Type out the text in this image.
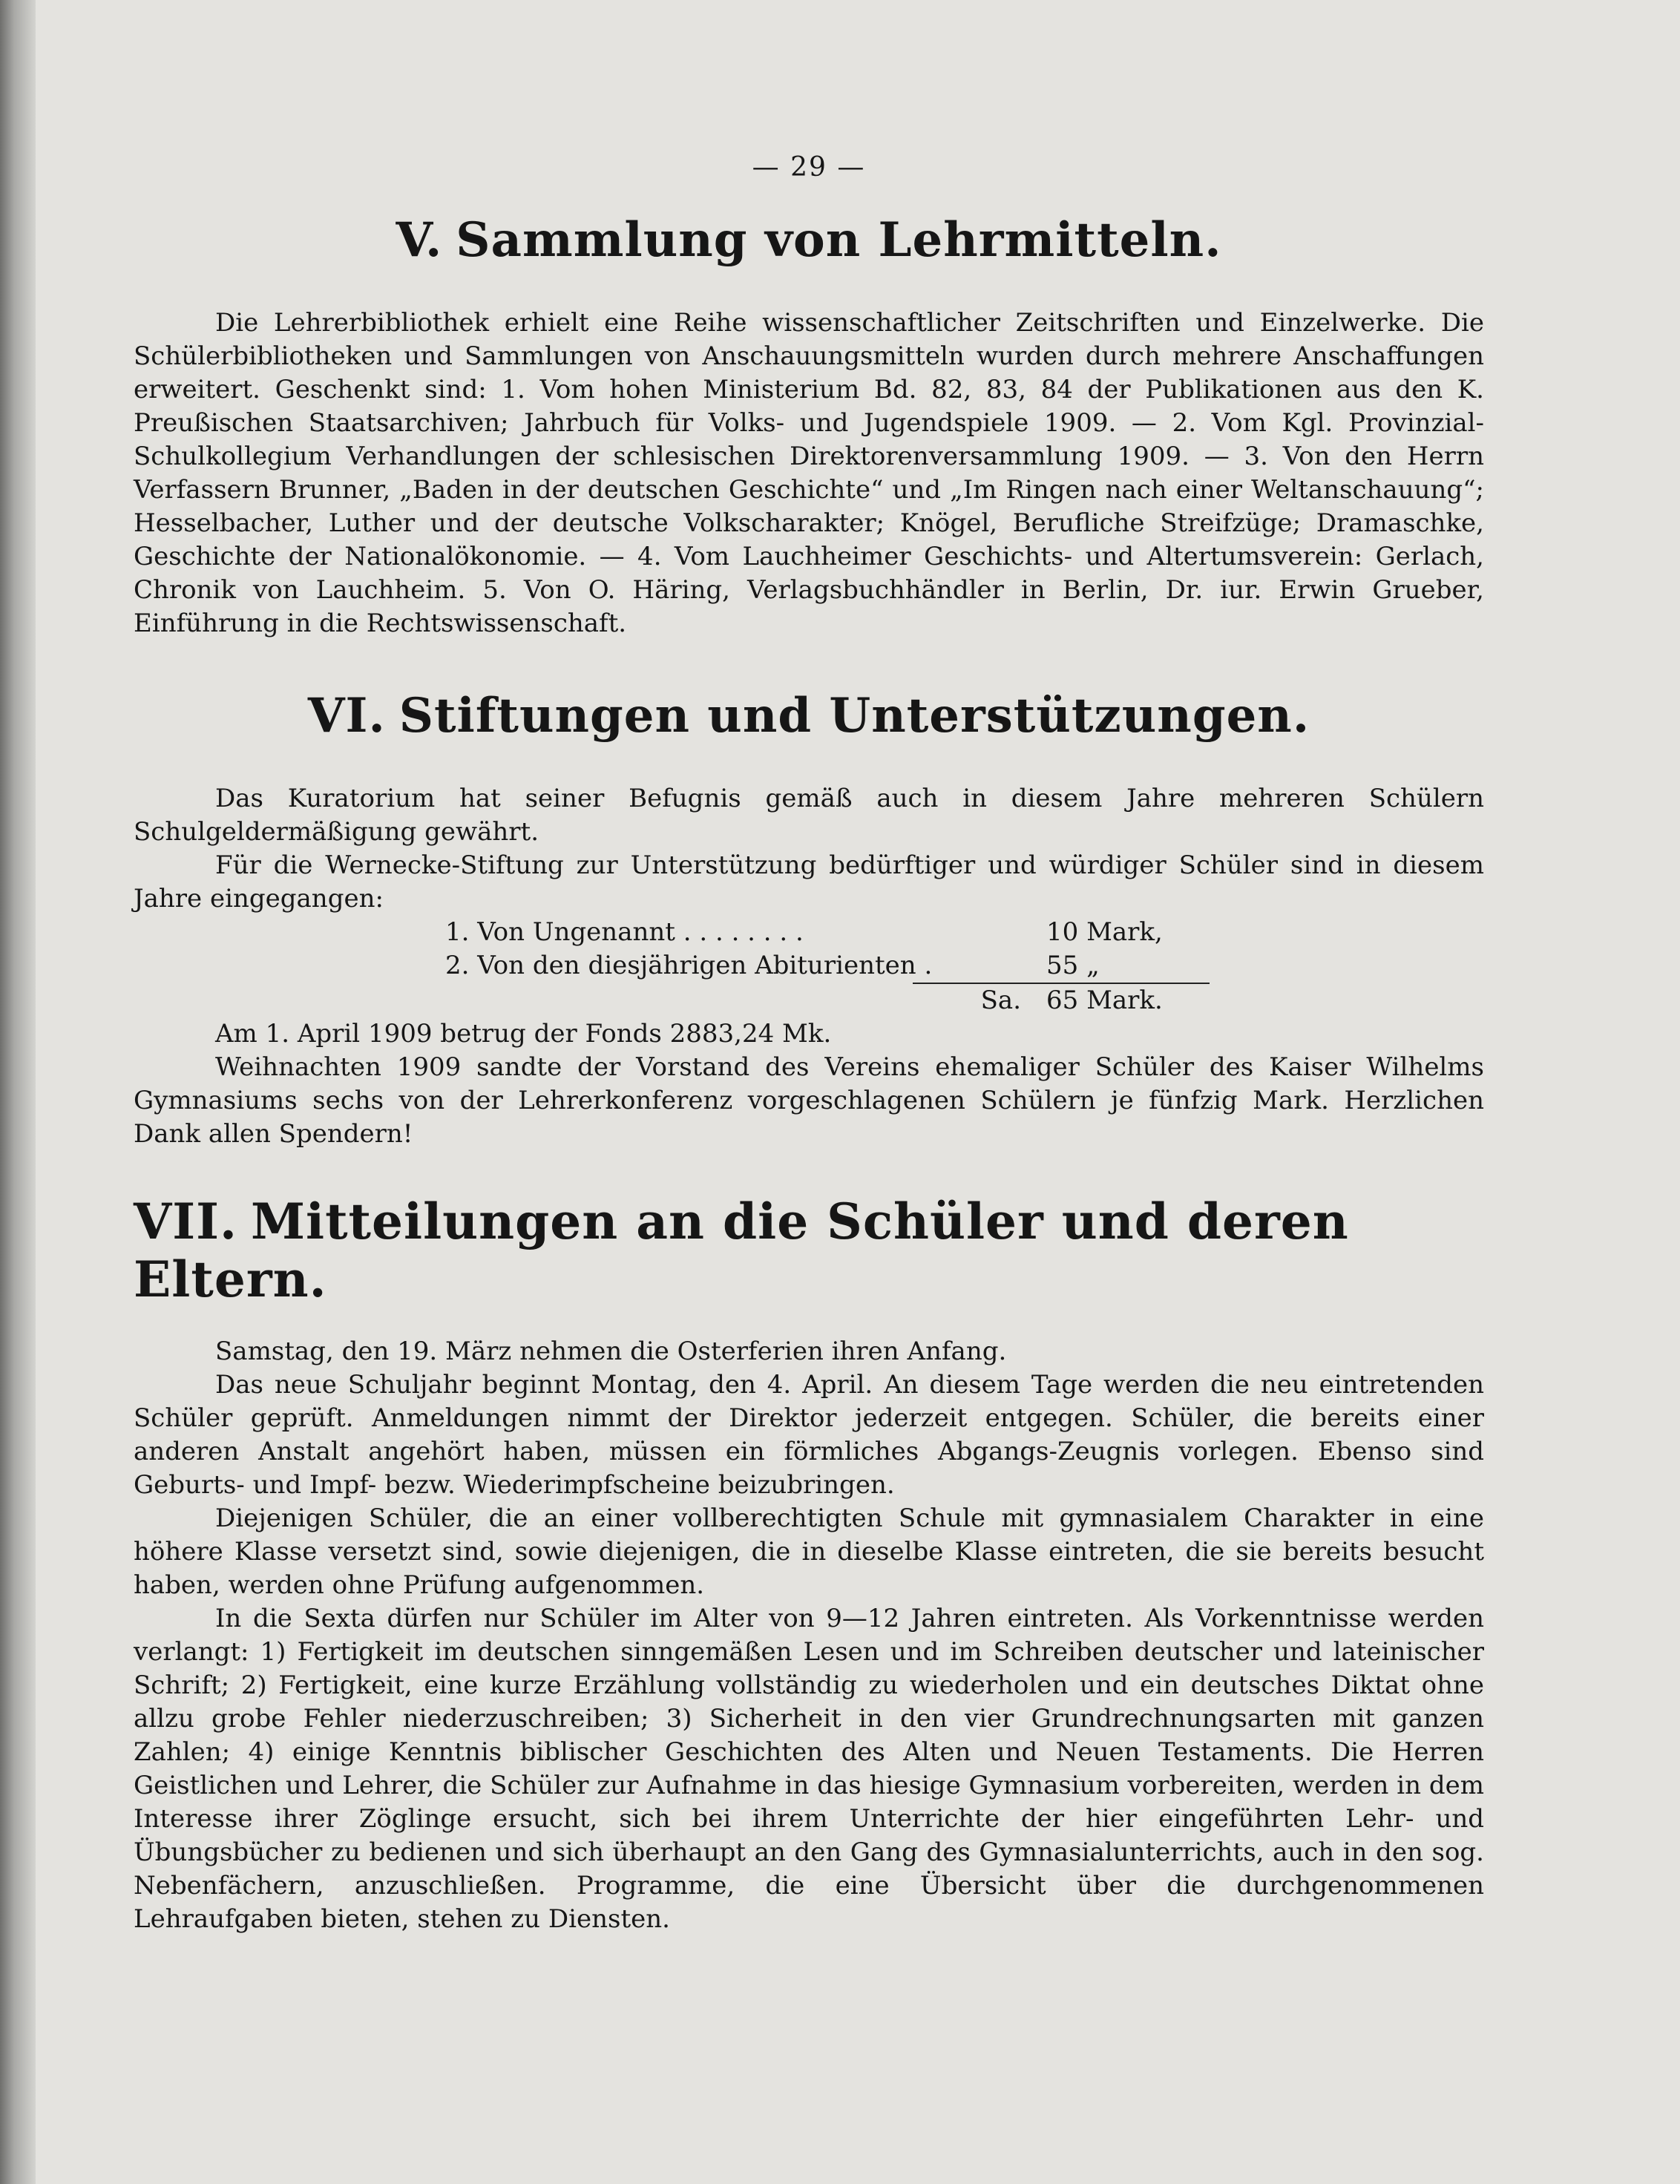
— 29 —
V. Sammlung von Lehrmitteln.

Die Lehrerbibliothek erhielt eine Reihe wissenschaftlicher Zeitschriften und Einzelwerke. Die Schülerbibliotheken und Sammlungen von Anschauungsmitteln wurden durch mehrere Anschaffungen erweitert. Geschenkt sind: 1. Vom hohen Ministerium Bd. 82, 83, 84 der Publikationen aus den K. Preußischen Staatsarchiven; Jahrbuch für Volks- und Jugendspiele 1909. — 2. Vom Kgl. Provinzial-Schulkollegium Verhandlungen der schlesischen Direktorenversammlung 1909. — 3. Von den Herrn Verfassern Brunner, „Baden in der deutschen Geschichte“ und „Im Ringen nach einer Weltanschauung“; Hesselbacher, Luther und der deutsche Volkscharakter; Knögel, Berufliche Streifzüge; Dramaschke, Geschichte der Nationalökonomie. — 4. Vom Lauchheimer Geschichts- und Altertumsverein: Gerlach, Chronik von Lauchheim. 5. Von O. Häring, Verlagsbuchhändler in Berlin, Dr. iur. Erwin Grueber, Einführung in die Rechtswissenschaft.

VI. Stiftungen und Unterstützungen.

Das Kuratorium hat seiner Befugnis gemäß auch in diesem Jahre mehreren Schülern Schulgeldermäßigung gewährt.

Für die Wernecke-Stiftung zur Unterstützung bedürftiger und würdiger Schüler sind in diesem Jahre eingegangen:

1. Von Ungenannt . . . . . . . .	10 Mark,
2. Von den diesjährigen Abiturienten .	55 „
Sa. 65 Mark.

Am 1. April 1909 betrug der Fonds 2883,24 Mk.

Weihnachten 1909 sandte der Vorstand des Vereins ehemaliger Schüler des Kaiser Wilhelms Gymnasiums sechs von der Lehrerkonferenz vorgeschlagenen Schülern je fünfzig Mark. Herzlichen Dank allen Spendern!

VII. Mitteilungen an die Schüler und deren Eltern.

Samstag, den 19. März nehmen die Osterferien ihren Anfang.

Das neue Schuljahr beginnt Montag, den 4. April. An diesem Tage werden die neu eintretenden Schüler geprüft. Anmeldungen nimmt der Direktor jederzeit entgegen. Schüler, die bereits einer anderen Anstalt angehört haben, müssen ein förmliches Abgangs-Zeugnis vorlegen. Ebenso sind Geburts- und Impf- bezw. Wiederimpfscheine beizubringen.

Diejenigen Schüler, die an einer vollberechtigten Schule mit gymnasialem Charakter in eine höhere Klasse versetzt sind, sowie diejenigen, die in dieselbe Klasse eintreten, die sie bereits besucht haben, werden ohne Prüfung aufgenommen.

In die Sexta dürfen nur Schüler im Alter von 9—12 Jahren eintreten. Als Vorkenntnisse werden verlangt: 1) Fertigkeit im deutschen sinngemäßen Lesen und im Schreiben deutscher und lateinischer Schrift; 2) Fertigkeit, eine kurze Erzählung vollständig zu wiederholen und ein deutsches Diktat ohne allzu grobe Fehler niederzuschreiben; 3) Sicherheit in den vier Grundrechnungsarten mit ganzen Zahlen; 4) einige Kenntnis biblischer Geschichten des Alten und Neuen Testaments. Die Herren Geistlichen und Lehrer, die Schüler zur Aufnahme in das hiesige Gymnasium vorbereiten, werden in dem Interesse ihrer Zöglinge ersucht, sich bei ihrem Unterrichte der hier eingeführten Lehr- und Übungsbücher zu bedienen und sich überhaupt an den Gang des Gymnasialunterrichts, auch in den sog. Nebenfächern, anzuschließen. Programme, die eine Übersicht über die durchgenommenen Lehraufgaben bieten, stehen zu Diensten.
